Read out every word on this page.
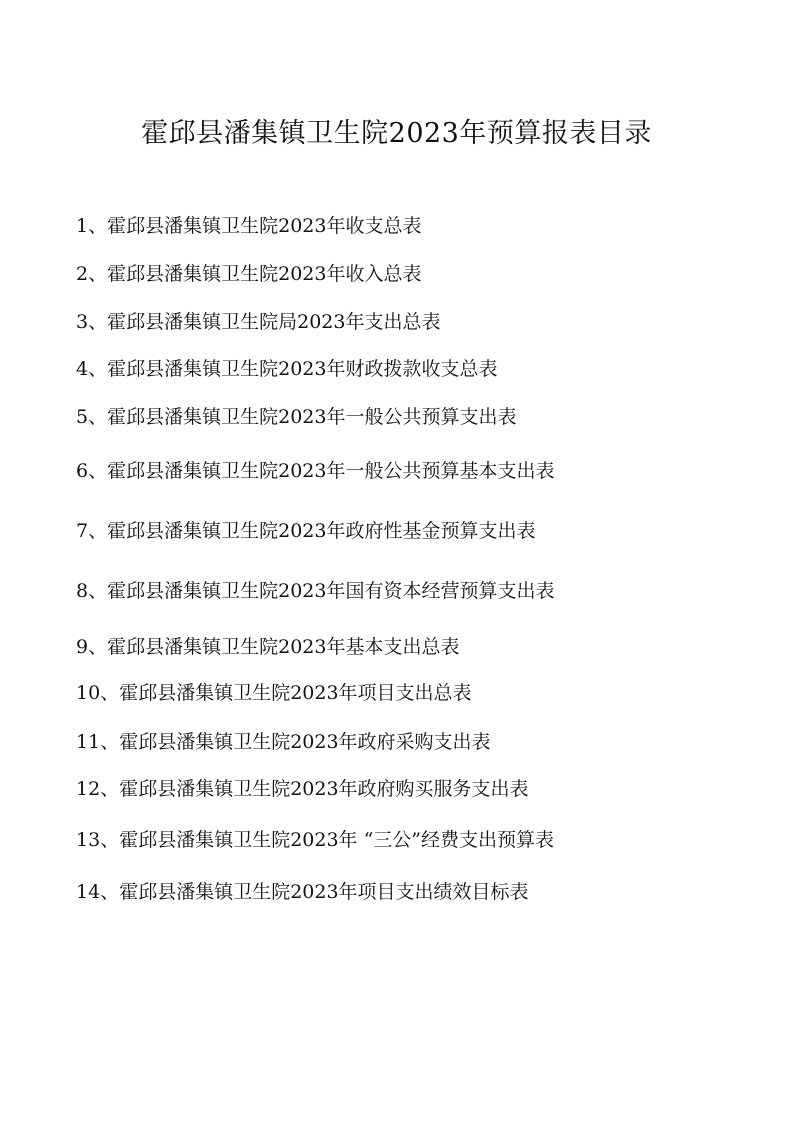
霍邱县潘集镇卫生院2023年预算报表目录
1、霍邱县潘集镇卫生院2023年收支总表
2、霍邱县潘集镇卫生院2023年收入总表
3、霍邱县潘集镇卫生院局2023年支出总表
4、霍邱县潘集镇卫生院2023年财政拨款收支总表
5、霍邱县潘集镇卫生院2023年一般公共预算支出表
6、霍邱县潘集镇卫生院2023年一般公共预算基本支出表
7、霍邱县潘集镇卫生院2023年政府性基金预算支出表
8、霍邱县潘集镇卫生院2023年国有资本经营预算支出表
9、霍邱县潘集镇卫生院2023年基本支出总表
10、霍邱县潘集镇卫生院2023年项目支出总表
11、霍邱县潘集镇卫生院2023年政府采购支出表
12、霍邱县潘集镇卫生院2023年政府购买服务支出表
13、霍邱县潘集镇卫生院2023年 “三公”经费支出预算表
14、霍邱县潘集镇卫生院2023年项目支出绩效目标表
